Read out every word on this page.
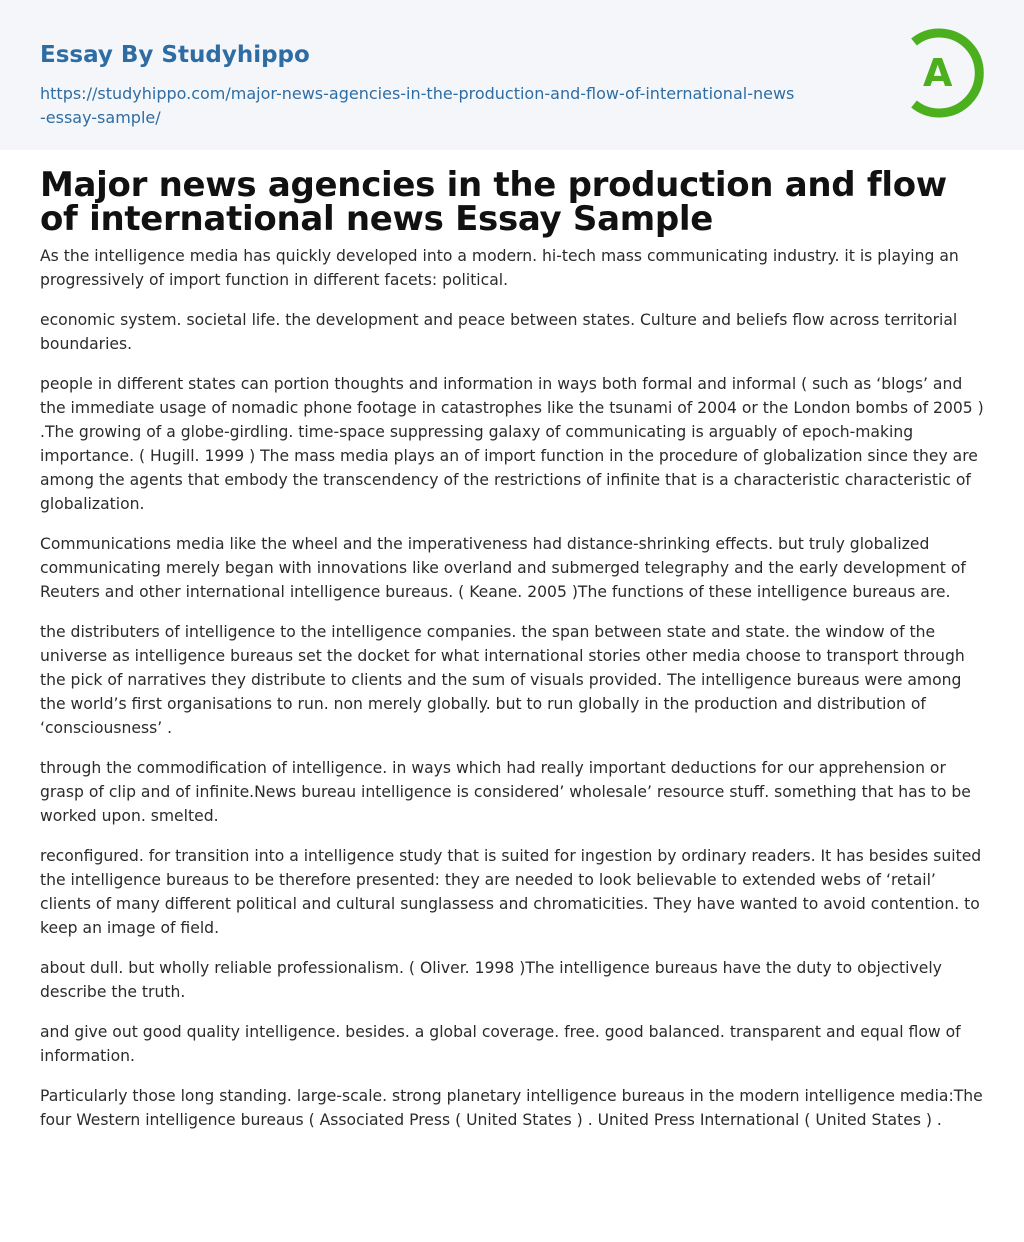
Essay By Studyhippo
https://studyhippo.com/major-news-agencies-in-the-production-and-flow-of-international-news-essay-sample/
A
Major news agencies in the production and flow of international news Essay Sample

As the intelligence media has quickly developed into a modern. hi-tech mass communicating industry. it is playing an progressively of import function in different facets: political.

economic system. societal life. the development and peace between states. Culture and beliefs flow across territorial boundaries.

people in different states can portion thoughts and information in ways both formal and informal ( such as ‘blogs’ and the immediate usage of nomadic phone footage in catastrophes like the tsunami of 2004 or the London bombs of 2005 ) .The growing of a globe-girdling. time-space suppressing galaxy of communicating is arguably of epoch-making importance. ( Hugill. 1999 ) The mass media plays an of import function in the procedure of globalization since they are among the agents that embody the transcendency of the restrictions of infinite that is a characteristic characteristic of globalization.

Communications media like the wheel and the imperativeness had distance-shrinking effects. but truly globalized communicating merely began with innovations like overland and submerged telegraphy and the early development of Reuters and other international intelligence bureaus. ( Keane. 2005 )The functions of these intelligence bureaus are.

the distributers of intelligence to the intelligence companies. the span between state and state. the window of the universe as intelligence bureaus set the docket for what international stories other media choose to transport through the pick of narratives they distribute to clients and the sum of visuals provided. The intelligence bureaus were among the world’s first organisations to run. non merely globally. but to run globally in the production and distribution of ‘consciousness’ .

through the commodification of intelligence. in ways which had really important deductions for our apprehension or grasp of clip and of infinite.News bureau intelligence is considered’ wholesale’ resource stuff. something that has to be worked upon. smelted.

reconfigured. for transition into a intelligence study that is suited for ingestion by ordinary readers. It has besides suited the intelligence bureaus to be therefore presented: they are needed to look believable to extended webs of ‘retail’ clients of many different political and cultural sunglassess and chromaticities. They have wanted to avoid contention. to keep an image of field.

about dull. but wholly reliable professionalism. ( Oliver. 1998 )The intelligence bureaus have the duty to objectively describe the truth.

and give out good quality intelligence. besides. a global coverage. free. good balanced. transparent and equal flow of information.

Particularly those long standing. large-scale. strong planetary intelligence bureaus in the modern intelligence media:The four Western intelligence bureaus ( Associated Press ( United States ) . United Press International ( United States ) .
